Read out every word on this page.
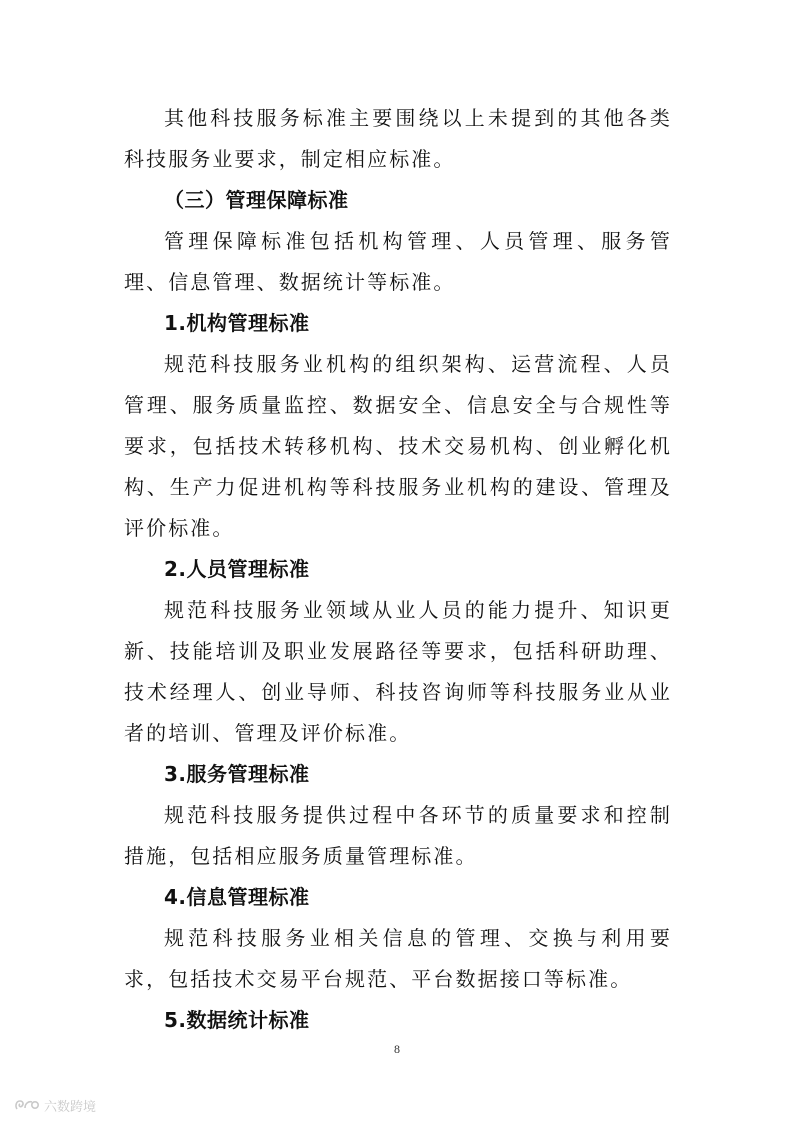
其他科技服务标准主要围绕以上未提到的其他各类科技服务业要求，制定相应标准。

（三）管理保障标准

管理保障标准包括机构管理、人员管理、服务管理、信息管理、数据统计等标准。

1.机构管理标准

规范科技服务业机构的组织架构、运营流程、人员管理、服务质量监控、数据安全、信息安全与合规性等要求，包括技术转移机构、技术交易机构、创业孵化机构、生产力促进机构等科技服务业机构的建设、管理及评价标准。

2.人员管理标准

规范科技服务业领域从业人员的能力提升、知识更新、技能培训及职业发展路径等要求，包括科研助理、技术经理人、创业导师、科技咨询师等科技服务业从业者的培训、管理及评价标准。

3.服务管理标准

规范科技服务提供过程中各环节的质量要求和控制措施，包括相应服务质量管理标准。

4.信息管理标准

规范科技服务业相关信息的管理、交换与利用要求，包括技术交易平台规范、平台数据接口等标准。

5.数据统计标准

8
六数跨境
